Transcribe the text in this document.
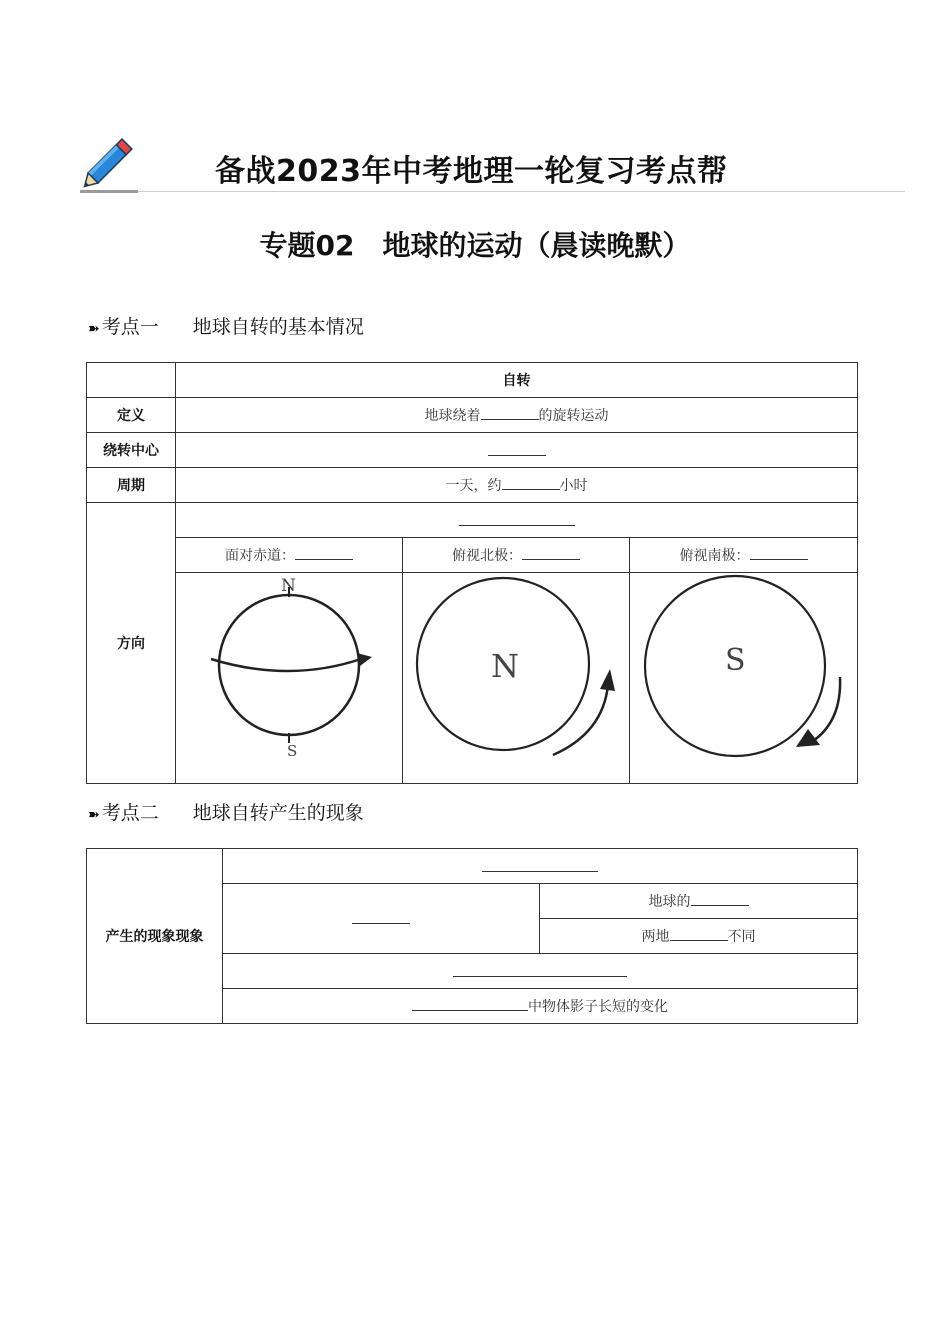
备战2023年中考地理一轮复习考点帮
专题02　地球的运动（晨读晚默）
➽ 考点一 地球自转的基本情况
	自转		
定义	地球绕着 的旋转运动		
绕转中心			
周期	一天，约 小时		
方向			
	面对赤道：	俯视北极：	俯视南极：

N
S	N	S
➽ 考点二 地球自转产生的现象
产生的现象现象		
		地球的
		两地 不同

	中物体影子长短的变化	
